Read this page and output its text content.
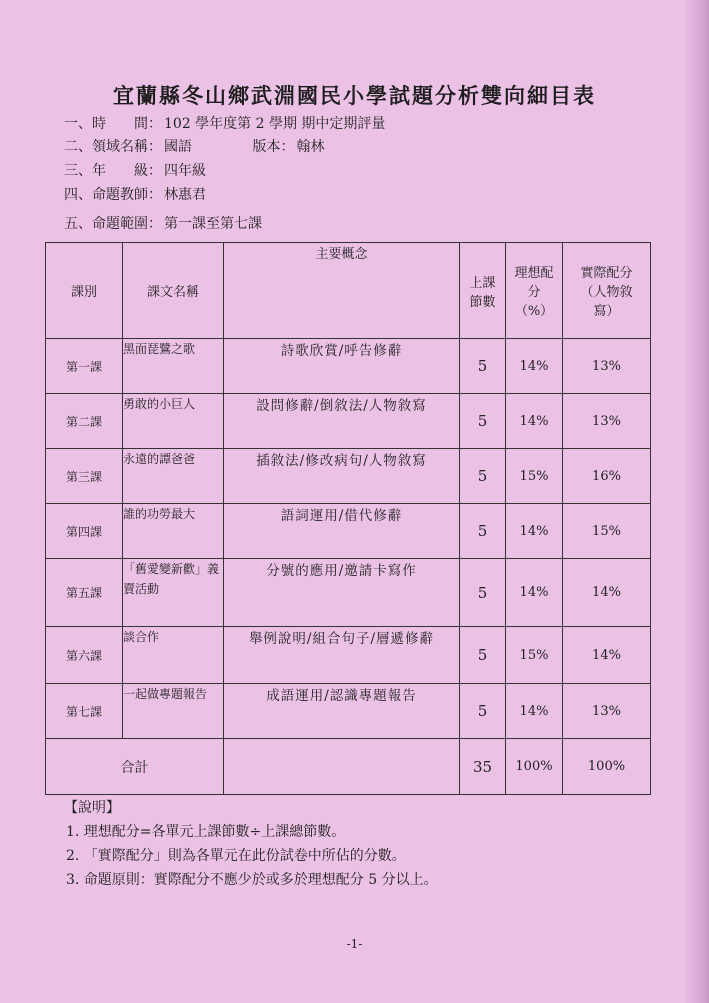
宜蘭縣冬山鄉武淵國民小學試題分析雙向細目表
一、時　　間： 102 學年度第 2 學期 期中定期評量
二、領域名稱： 國語	版本： 翰林
三、年　　級： 四年級
四、命題教師： 林惠君
五、命題範圍： 第一課至第七課
課別	課文名稱	主要概念	上課節數	理想配分（%）	實際配分（人物敘寫）
第一課	黑面琵鷺之歌	詩歌欣賞/呼告修辭	5	14%	13%
第二課	勇敢的小巨人	設問修辭/倒敘法/人物敘寫	5	14%	13%
第三課	永遠的譚爸爸	插敘法/修改病句/人物敘寫	5	15%	16%
第四課	誰的功勞最大	語詞運用/借代修辭	5	14%	15%
第五課	「舊愛變新歡」義賣活動	分號的應用/邀請卡寫作	5	14%	14%
第六課	談合作	舉例說明/組合句子/層遞修辭	5	15%	14%
第七課	一起做專題報告	成語運用/認識專題報告	5	14%	13%
合計			35	100%	100%
【說明】
1. 理想配分=各單元上課節數÷上課總節數。
2. 「實際配分」則為各單元在此份試卷中所佔的分數。
3. 命題原則：實際配分不應少於或多於理想配分 5 分以上。
-1-
